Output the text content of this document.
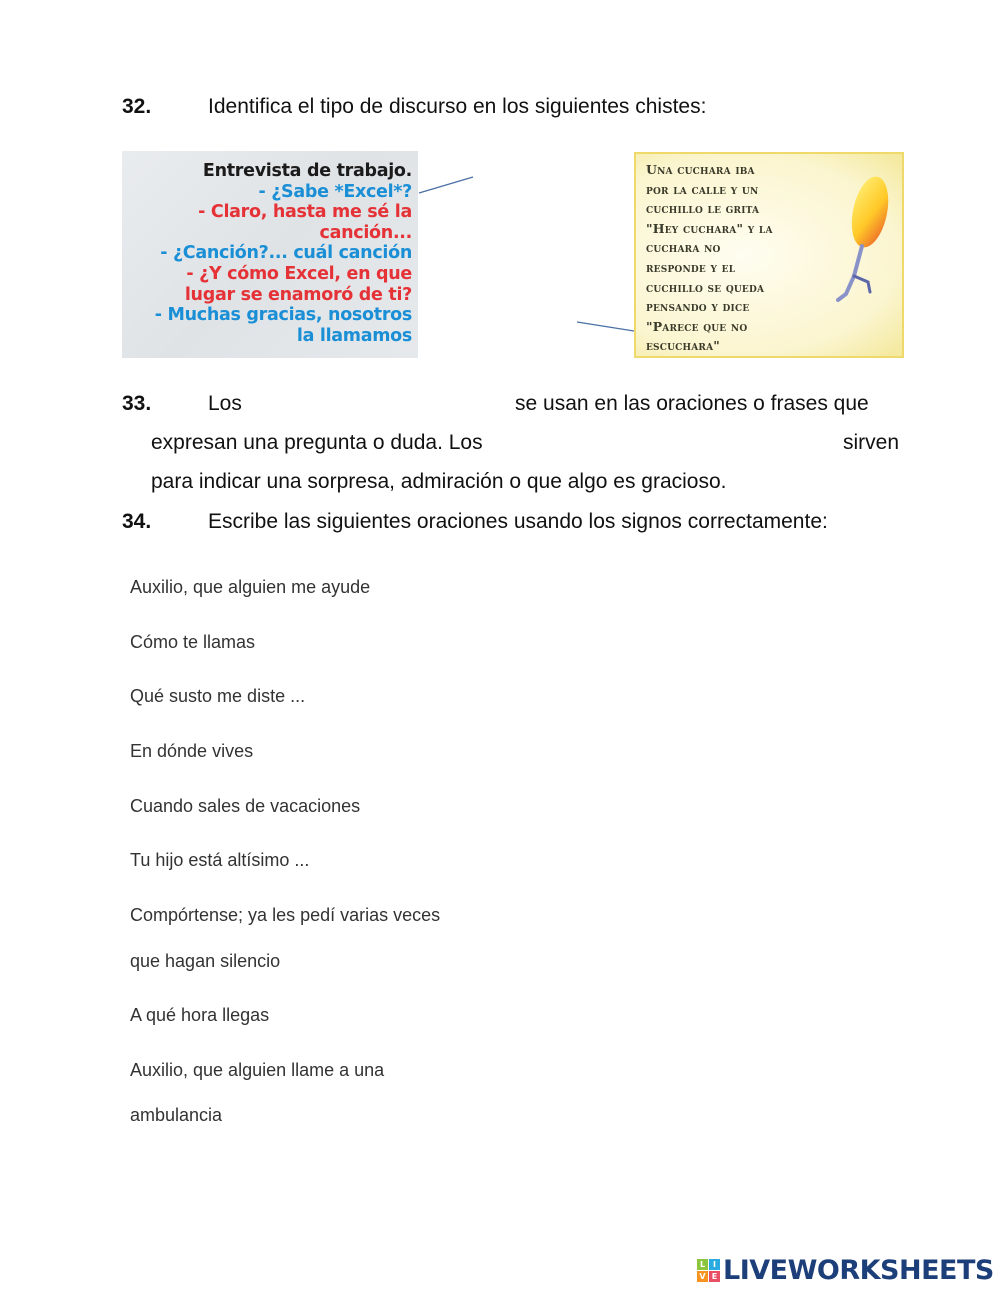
32.	Identifica el tipo de discurso en los siguientes chistes:
Entrevista de trabajo.
- ¿Sabe *Excel*?
- Claro, hasta me sé la
canción...
- ¿Canción?... cuál canción
- ¿Y cómo Excel, en que
lugar se enamoró de ti?
- Muchas gracias, nosotros
la llamamos
Una cuchara iba
por la calle y un
cuchillo le grita
"Hey cuchara" y la
cuchara no
responde y el
cuchillo se queda
pensando y dice
"Parece que no
escuchara"
33.	Los	se usan en las oraciones o frases que
expresan una pregunta o duda. Los	sirven
para indicar una sorpresa, admiración o que algo es gracioso.
34.	Escribe las siguientes oraciones usando los signos correctamente:
Auxilio, que alguien me ayude
Cómo te llamas
Qué susto me diste ...
En dónde vives
Cuando sales de vacaciones
Tu hijo está altísimo ...
Compórtense; ya les pedí varias veces
que hagan silencio
A qué hora llegas
Auxilio, que alguien llame a una
ambulancia
L I
V E LIVEWORKSHEETS
